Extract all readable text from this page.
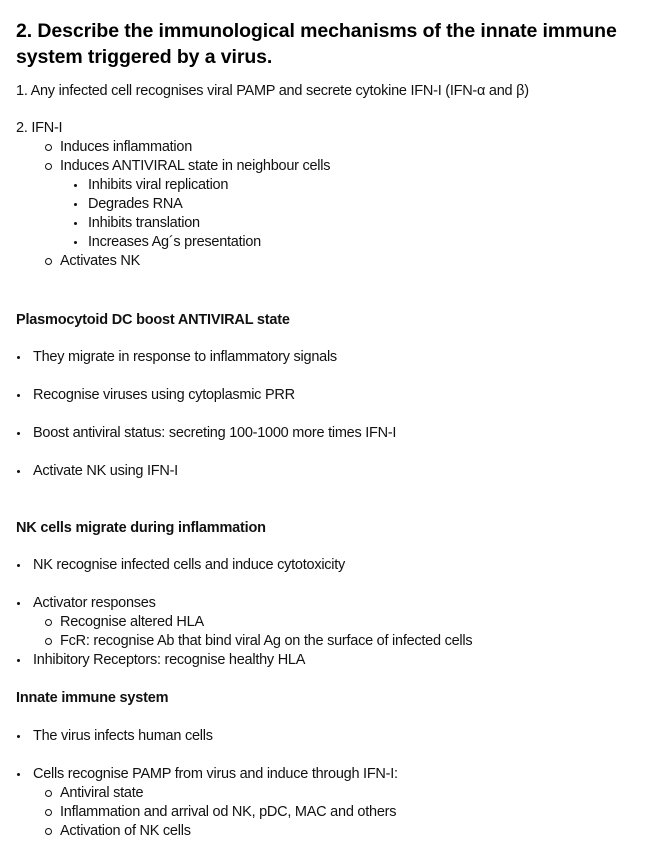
2. Describe the immunological mechanisms of the innate immune system triggered by a virus.
1. Any infected cell recognises viral PAMP and secrete cytokine IFN-I (IFN-α and β)
2. IFN-I
Induces inflammation
Induces ANTIVIRAL state in neighbour cells
Inhibits viral replication
Degrades RNA
Inhibits translation
Increases Ag´s presentation
Activates NK
Plasmocytoid DC boost ANTIVIRAL state
They migrate in response to inflammatory signals
Recognise viruses using cytoplasmic PRR
Boost antiviral status: secreting 100-1000 more times IFN-I
Activate NK using IFN-I
NK cells migrate during inflammation
NK recognise infected cells and induce cytotoxicity
Activator responses
Recognise altered HLA
FcR: recognise Ab that bind viral Ag on the surface of infected cells
Inhibitory Receptors: recognise healthy HLA
Innate immune system
The virus infects human cells
Cells recognise PAMP from virus and induce through IFN-I:
Antiviral state
Inflammation and arrival od NK, pDC, MAC and others
Activation of NK cells
